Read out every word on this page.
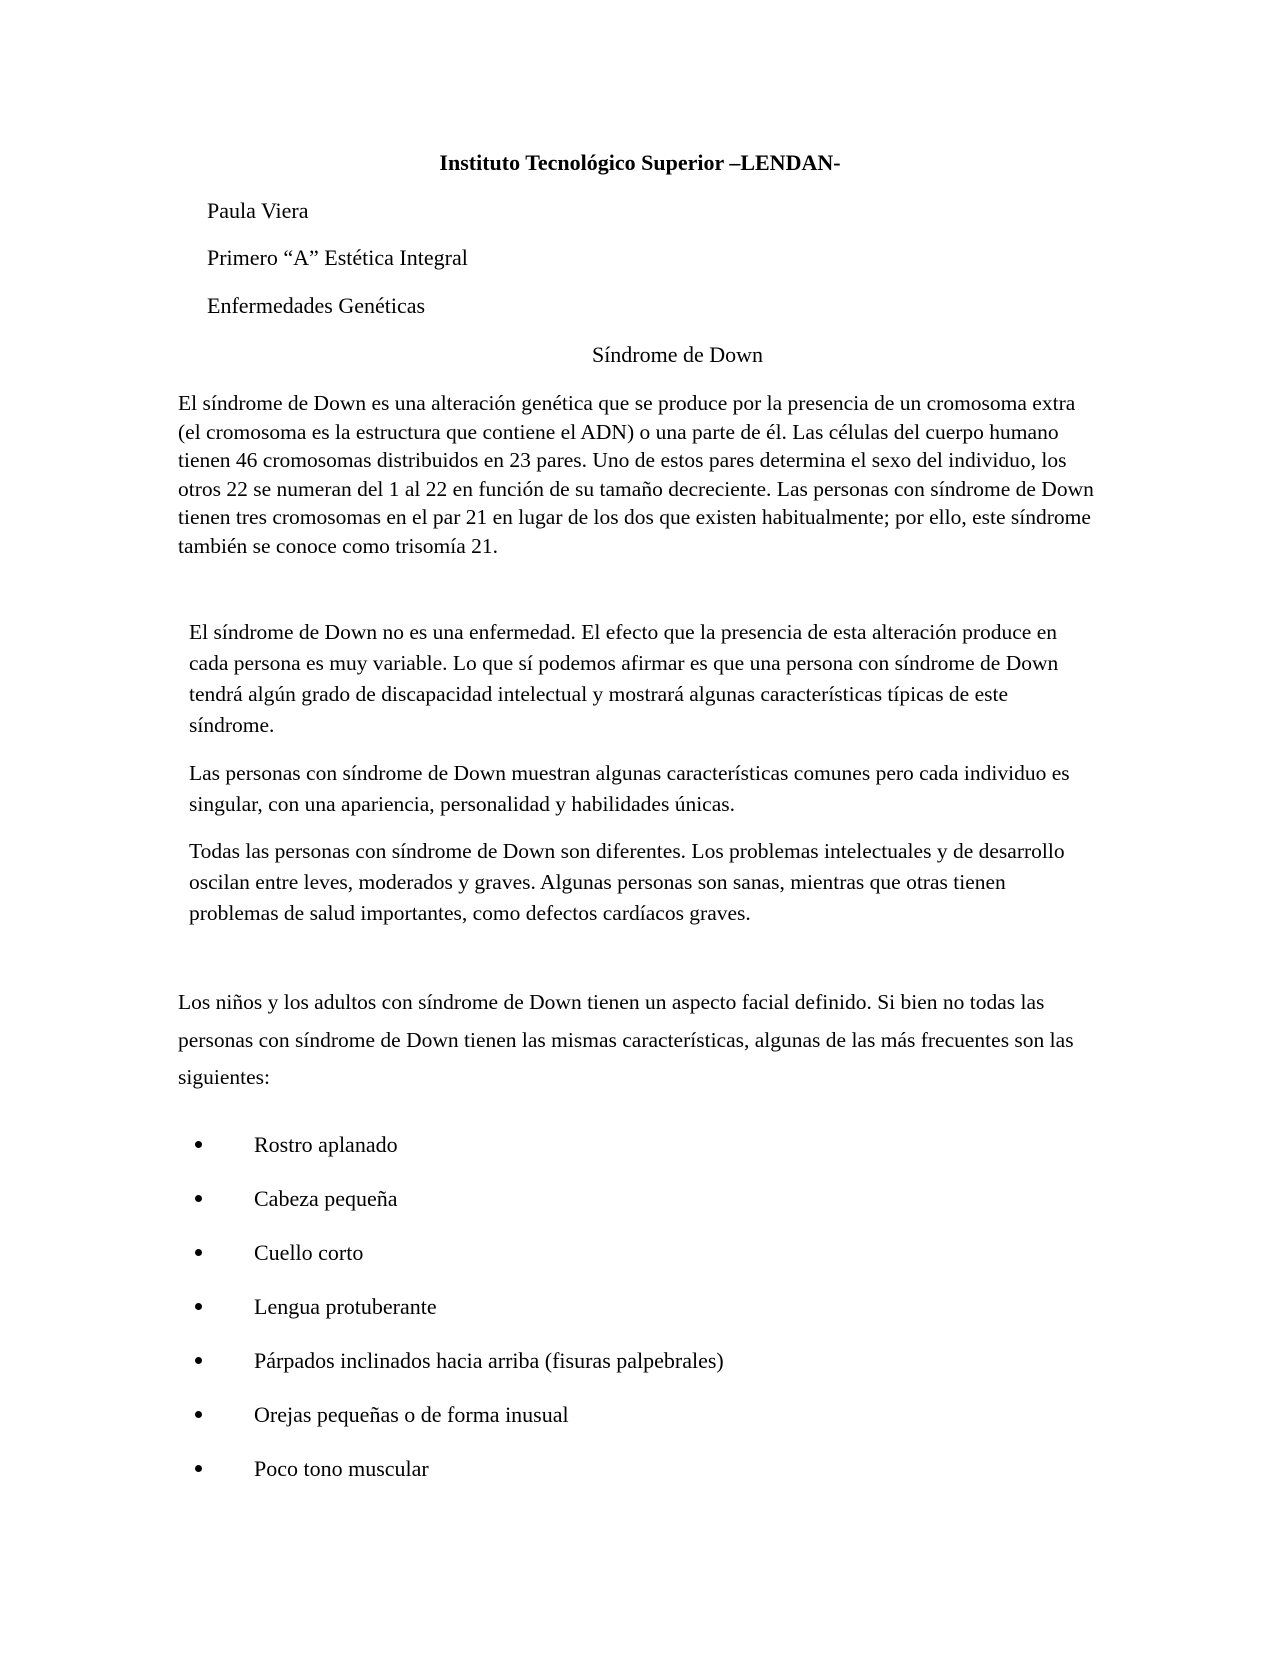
Instituto Tecnológico Superior –LENDAN-
Paula Viera
Primero “A” Estética Integral
Enfermedades Genéticas
Síndrome de Down

El síndrome de Down es una alteración genética que se produce por la presencia de un cromosoma extra (el cromosoma es la estructura que contiene el ADN) o una parte de él. Las células del cuerpo humano tienen 46 cromosomas distribuidos en 23 pares. Uno de estos pares determina el sexo del individuo, los otros 22 se numeran del 1 al 22 en función de su tamaño decreciente. Las personas con síndrome de Down tienen tres cromosomas en el par 21 en lugar de los dos que existen habitualmente; por ello, este síndrome también se conoce como trisomía 21.

El síndrome de Down no es una enfermedad. El efecto que la presencia de esta alteración produce en cada persona es muy variable. Lo que sí podemos afirmar es que una persona con síndrome de Down tendrá algún grado de discapacidad intelectual y mostrará algunas características típicas de este síndrome.

Las personas con síndrome de Down muestran algunas características comunes pero cada individuo es singular, con una apariencia, personalidad y habilidades únicas.

Todas las personas con síndrome de Down son diferentes. Los problemas intelectuales y de desarrollo oscilan entre leves, moderados y graves. Algunas personas son sanas, mientras que otras tienen problemas de salud importantes, como defectos cardíacos graves.

Los niños y los adultos con síndrome de Down tienen un aspecto facial definido. Si bien no todas las personas con síndrome de Down tienen las mismas características, algunas de las más frecuentes son las siguientes:

Rostro aplanado
Cabeza pequeña
Cuello corto
Lengua protuberante
Párpados inclinados hacia arriba (fisuras palpebrales)
Orejas pequeñas o de forma inusual
Poco tono muscular
